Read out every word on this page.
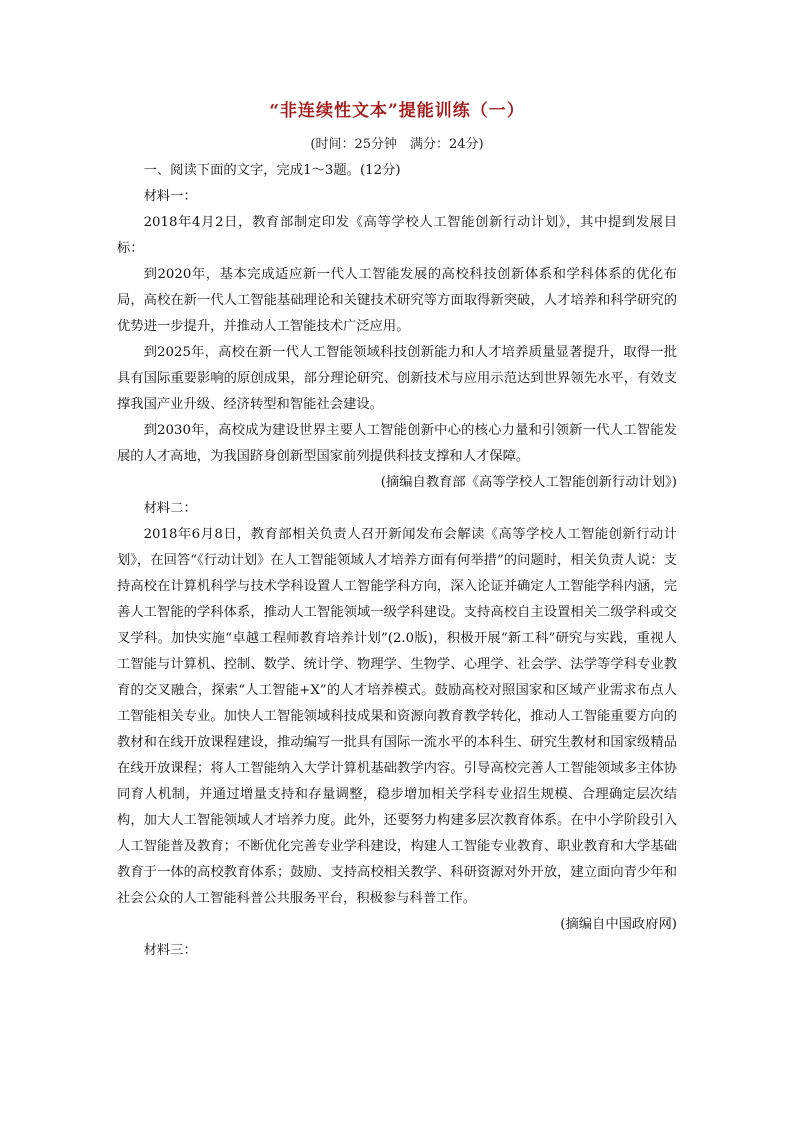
“非连续性文本”提能训练（一）
(时间：25分钟　满分：24分)

一、阅读下面的文字，完成1～3题。(12分)

材料一：

2018年4月2日，教育部制定印发《高等学校人工智能创新行动计划》，其中提到发展目标：

到2020年，基本完成适应新一代人工智能发展的高校科技创新体系和学科体系的优化布局，高校在新一代人工智能基础理论和关键技术研究等方面取得新突破，人才培养和科学研究的优势进一步提升，并推动人工智能技术广泛应用。

到2025年，高校在新一代人工智能领域科技创新能力和人才培养质量显著提升，取得一批具有国际重要影响的原创成果，部分理论研究、创新技术与应用示范达到世界领先水平，有效支撑我国产业升级、经济转型和智能社会建设。

到2030年，高校成为建设世界主要人工智能创新中心的核心力量和引领新一代人工智能发展的人才高地，为我国跻身创新型国家前列提供科技支撑和人才保障。

(摘编自教育部《高等学校人工智能创新行动计划》)

材料二：

2018年6月8日，教育部相关负责人召开新闻发布会解读《高等学校人工智能创新行动计划》，在回答“《行动计划》在人工智能领域人才培养方面有何举措”的问题时，相关负责人说：支持高校在计算机科学与技术学科设置人工智能学科方向，深入论证并确定人工智能学科内涵，完善人工智能的学科体系，推动人工智能领域一级学科建设。支持高校自主设置相关二级学科或交叉学科。加快实施“卓越工程师教育培养计划”(2.0版)，积极开展“新工科”研究与实践，重视人工智能与计算机、控制、数学、统计学、物理学、生物学、心理学、社会学、法学等学科专业教育的交叉融合，探索“人工智能+X”的人才培养模式。鼓励高校对照国家和区域产业需求布点人工智能相关专业。加快人工智能领域科技成果和资源向教育教学转化，推动人工智能重要方向的教材和在线开放课程建设，推动编写一批具有国际一流水平的本科生、研究生教材和国家级精品在线开放课程；将人工智能纳入大学计算机基础教学内容。引导高校完善人工智能领域多主体协同育人机制，并通过增量支持和存量调整，稳步增加相关学科专业招生规模、合理确定层次结构，加大人工智能领域人才培养力度。此外，还要努力构建多层次教育体系。在中小学阶段引入人工智能普及教育；不断优化完善专业学科建设，构建人工智能专业教育、职业教育和大学基础教育于一体的高校教育体系；鼓励、支持高校相关教学、科研资源对外开放，建立面向青少年和社会公众的人工智能科普公共服务平台，积极参与科普工作。

(摘编自中国政府网)

材料三：
